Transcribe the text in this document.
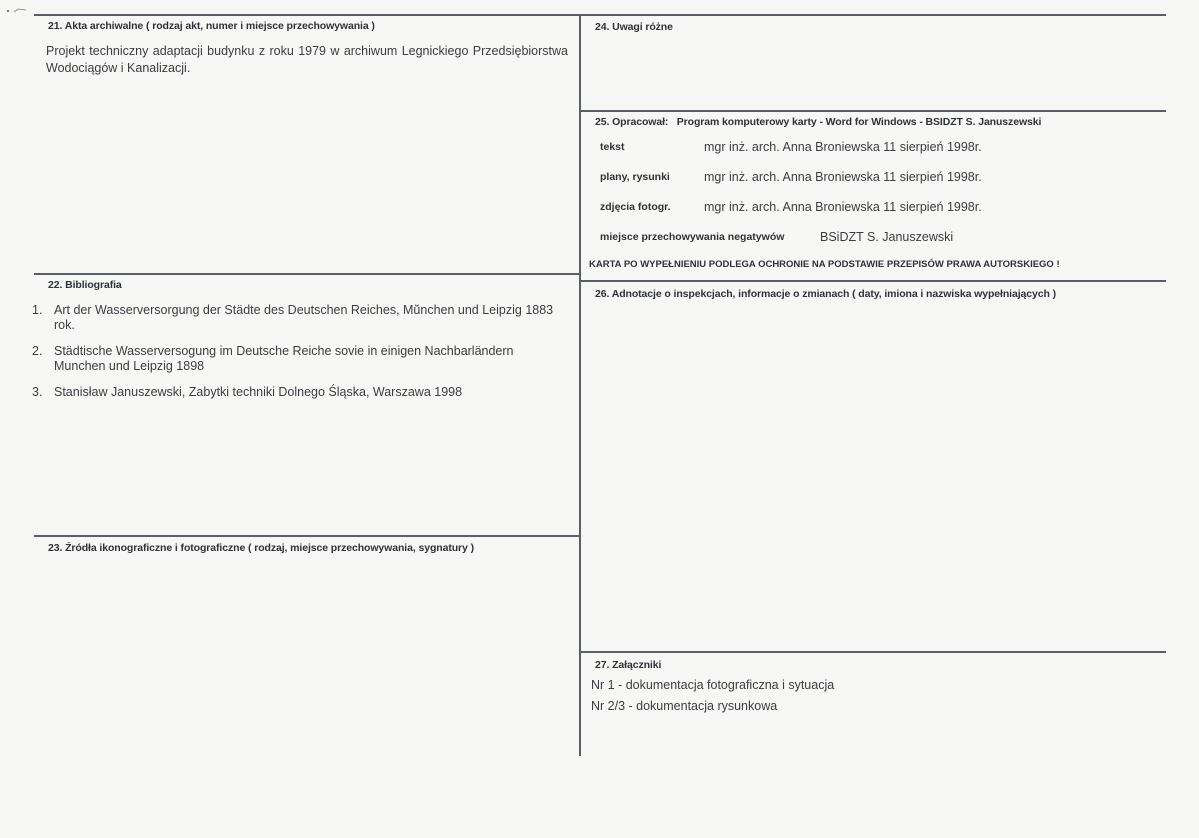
21. Akta archiwalne ( rodzaj akt, numer i miejsce przechowywania )
Projekt techniczny adaptacji budynku z roku 1979 w archiwum Legnickiego Przedsiębiorstwa Wodociągów i Kanalizacji.
22. Bibliografia
1. Art der Wasserversorgung der Städte des Deutschen Reiches, Mŭnchen und Leipzig 1883 rok.
2. Städtische Wasserversogung im Deutsche Reiche sovie in einigen Nachbarländern Munchen und Leipzig 1898
3. Stanisław Januszewski, Zabytki techniki Dolnego Śląska, Warszawa 1998
23. Źródła ikonograficzne i fotograficzne ( rodzaj, miejsce przechowywania, sygnatury )
24. Uwagi różne
25. Opracował:   Program komputerowy karty - Word for Windows - BSIDZT S. Januszewski
tekst	mgr inż. arch. Anna Broniewska 11 sierpień 1998r.
plany, rysunki	mgr inż. arch. Anna Broniewska 11 sierpień 1998r.
zdjęcia fotogr.	mgr inż. arch. Anna Broniewska 11 sierpień 1998r.
miejsce przechowywania negatywów	BSiDZT S. Januszewski
KARTA PO WYPEŁNIENIU PODLEGA OCHRONIE NA PODSTAWIE PRZEPISÓW PRAWA AUTORSKIEGO !
26. Adnotacje o inspekcjach, informacje o zmianach ( daty, imiona i nazwiska wypełniających )
27. Załączniki
Nr 1 - dokumentacja fotograficzna i sytuacja
Nr 2/3 - dokumentacja rysunkowa
